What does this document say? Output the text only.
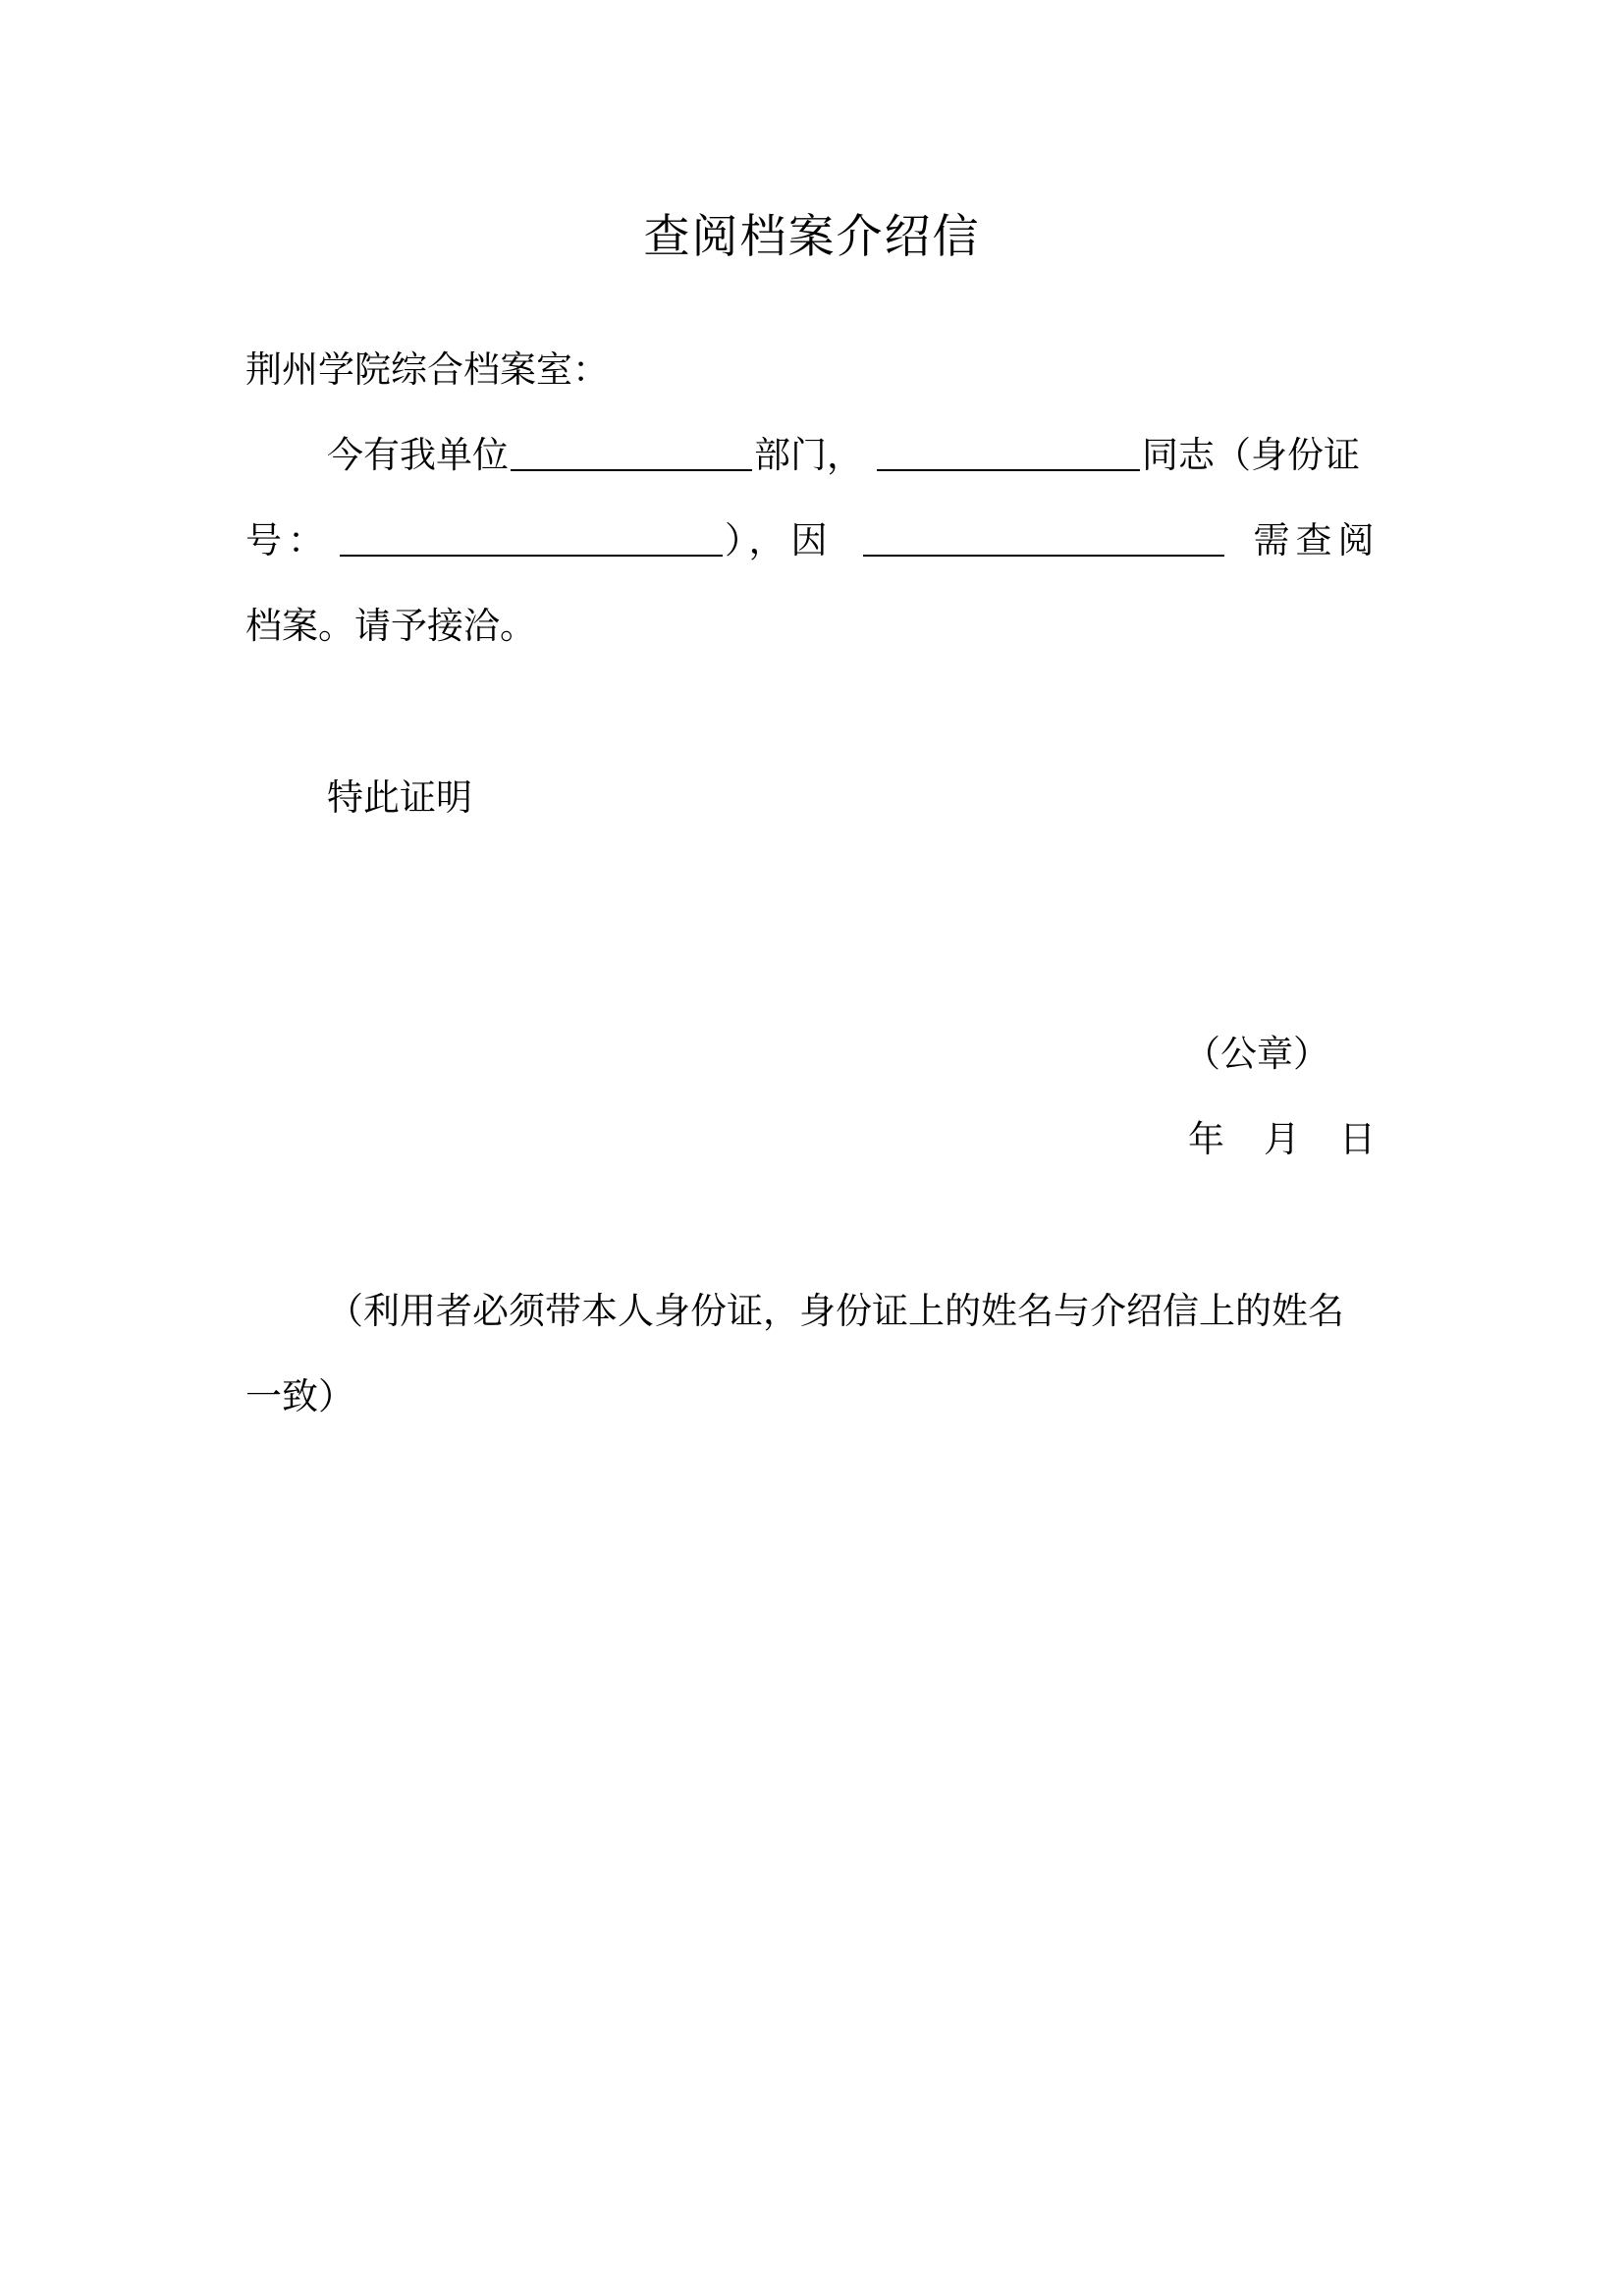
查阅档案介绍信
荆州学院综合档案室：
今有我单位	部门，	同志（身份证
号：	），因	需查阅
档案。请予接洽。
特此证明
（公章）
年 月 日
（利用者必须带本人身份证，身份证上的姓名与介绍信上的姓名
一致）
